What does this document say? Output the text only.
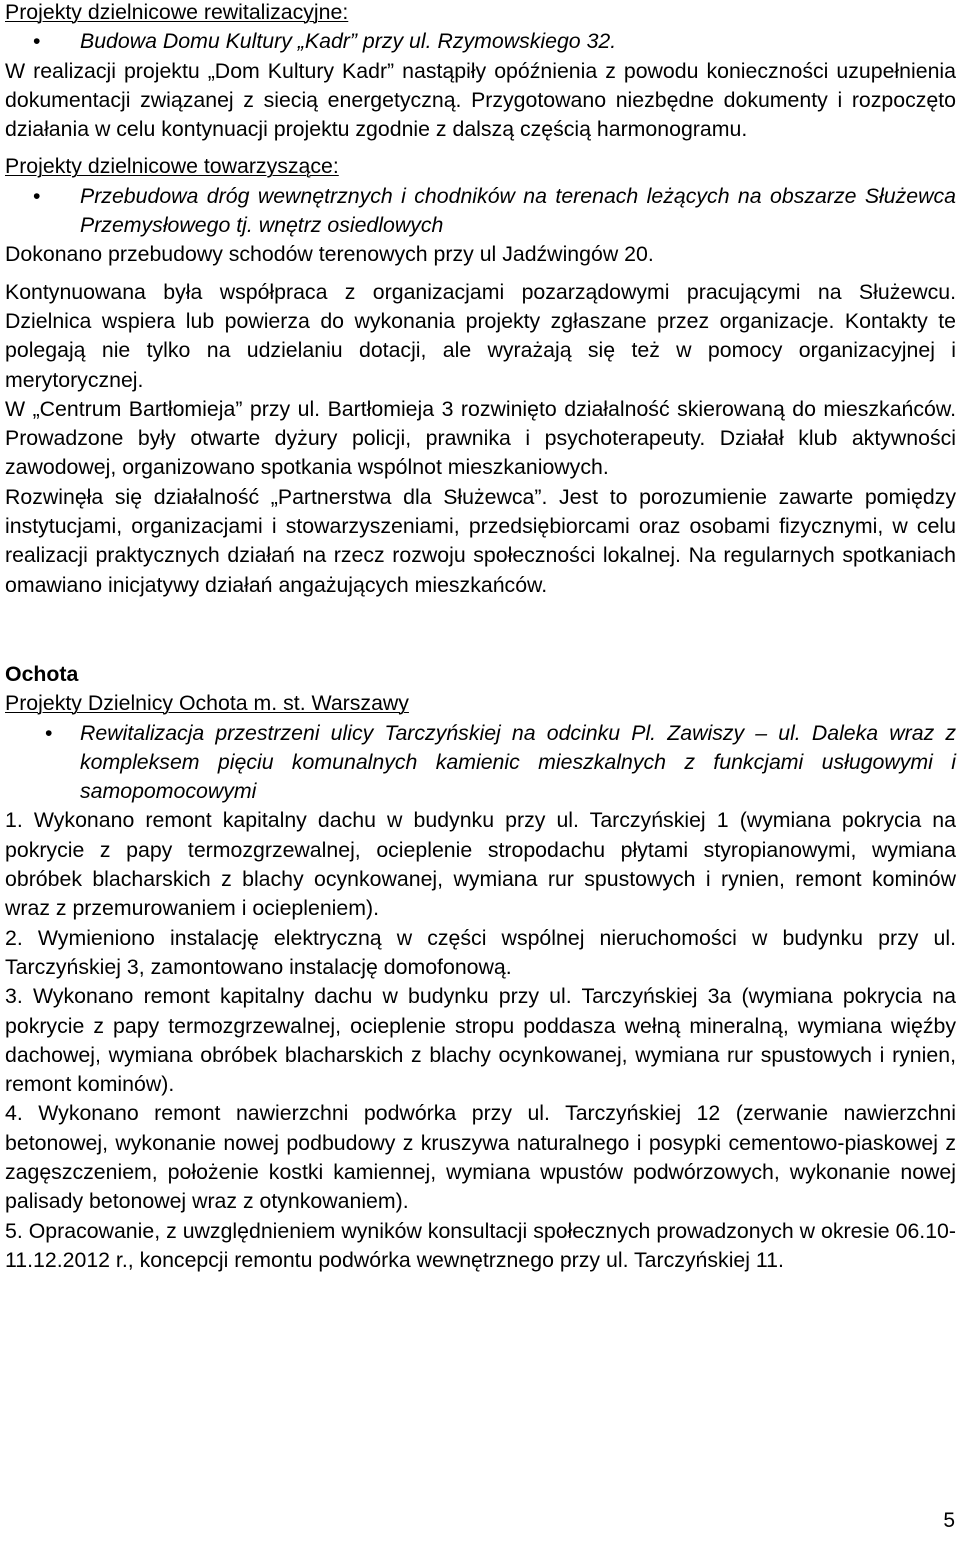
Projekty dzielnicowe rewitalizacyjne:

• Budowa Domu Kultury „Kadr” przy ul. Rzymowskiego 32.

W realizacji projektu „Dom Kultury Kadr” nastąpiły opóźnienia z powodu konieczności uzupełnienia dokumentacji związanej z siecią energetyczną. Przygotowano niezbędne dokumenty i rozpoczęto działania w celu kontynuacji projektu zgodnie z dalszą częścią harmonogramu.

Projekty dzielnicowe towarzyszące:

• Przebudowa dróg wewnętrznych i chodników na terenach leżących na obszarze Służewca Przemysłowego tj. wnętrz osiedlowych

Dokonano przebudowy schodów terenowych przy ul Jadźwingów 20.

Kontynuowana była współpraca z organizacjami pozarządowymi pracującymi na Służewcu. Dzielnica wspiera lub powierza do wykonania projekty zgłaszane przez organizacje. Kontakty te polegają nie tylko na udzielaniu dotacji, ale wyrażają się też w pomocy organizacyjnej i merytorycznej.

W „Centrum Bartłomieja” przy ul. Bartłomieja 3 rozwinięto działalność skierowaną do mieszkańców. Prowadzone były otwarte dyżury policji, prawnika i psychoterapeuty. Działał klub aktywności zawodowej, organizowano spotkania wspólnot mieszkaniowych.

Rozwinęła się działalność „Partnerstwa dla Służewca”. Jest to porozumienie zawarte pomiędzy instytucjami, organizacjami i stowarzyszeniami, przedsiębiorcami oraz osobami fizycznymi, w celu realizacji praktycznych działań na rzecz rozwoju społeczności lokalnej. Na regularnych spotkaniach omawiano inicjatywy działań angażujących mieszkańców.

Ochota

Projekty Dzielnicy Ochota m. st. Warszawy

• Rewitalizacja przestrzeni ulicy Tarczyńskiej na odcinku Pl. Zawiszy – ul. Daleka wraz z kompleksem pięciu komunalnych kamienic mieszkalnych z funkcjami usługowymi i samopomocowymi

1. Wykonano remont kapitalny dachu w budynku przy ul. Tarczyńskiej 1 (wymiana pokrycia na pokrycie z papy termozgrzewalnej, ocieplenie stropodachu płytami styropianowymi, wymiana obróbek blacharskich z blachy ocynkowanej, wymiana rur spustowych i rynien, remont kominów wraz z przemurowaniem i ociepleniem).

2. Wymieniono instalację elektryczną w części wspólnej nieruchomości w budynku przy ul. Tarczyńskiej 3, zamontowano instalację domofonową.

3. Wykonano remont kapitalny dachu w budynku przy ul. Tarczyńskiej 3a (wymiana pokrycia na pokrycie z papy termozgrzewalnej, ocieplenie stropu poddasza wełną mineralną, wymiana więźby dachowej, wymiana obróbek blacharskich z blachy ocynkowanej, wymiana rur spustowych i rynien, remont kominów).

4. Wykonano remont nawierzchni podwórka przy ul. Tarczyńskiej 12 (zerwanie nawierzchni betonowej, wykonanie nowej podbudowy z kruszywa naturalnego i posypki cementowo-piaskowej z zagęszczeniem, położenie kostki kamiennej, wymiana wpustów podwórzowych, wykonanie nowej palisady betonowej wraz z otynkowaniem).

5. Opracowanie, z uwzględnieniem wyników konsultacji społecznych prowadzonych w okresie 06.10-11.12.2012 r., koncepcji remontu podwórka wewnętrznego przy ul. Tarczyńskiej 11.

5
